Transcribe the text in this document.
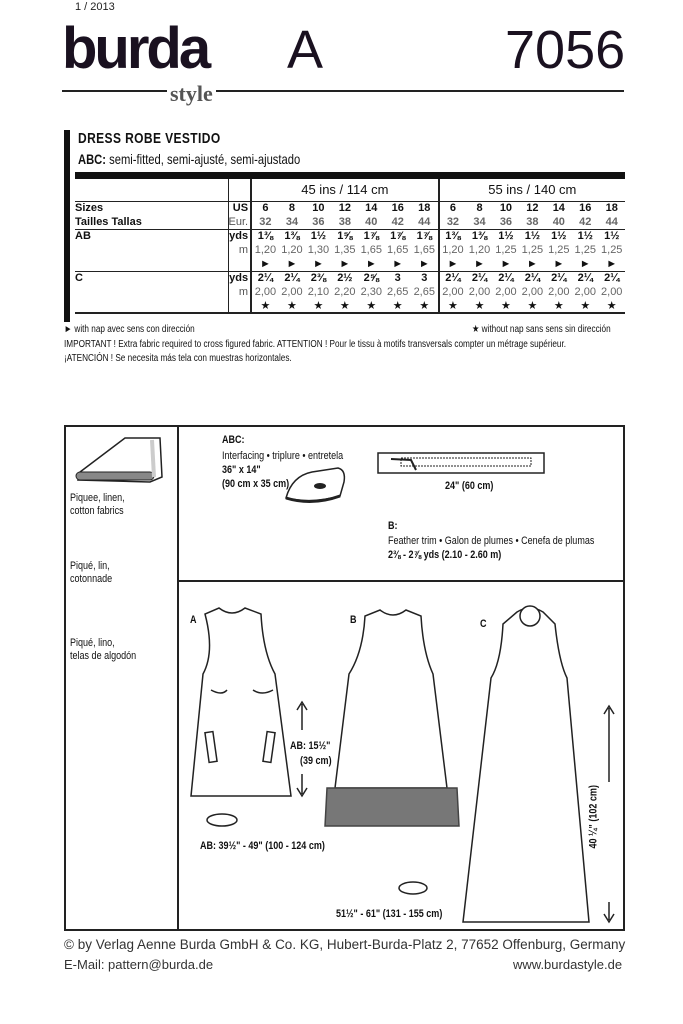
1 / 2013
burda
style
A	7056
DRESS ROBE VESTIDO
ABC: semi-fitted, semi-ajusté, semi-ajustado

		45 ins / 114 cm							55 ins / 140 cm						
Sizes	US	6	8	10	12	14	16	18	6	8	10	12	14	16	18
Tailles Tallas	Eur.	32	34	36	38	40	42	44	32	34	36	38	40	42	44
AB	yds	1⅜	1⅜	1½	1⅝	1⅞	1⅞	1⅞	1⅜	1⅜	1½	1½	1½	1½	1½
	m	1,20	1,20	1,30	1,35	1,65	1,65	1,65	1,20	1,20	1,25	1,25	1,25	1,25	1,25
		►	►	►	►	►	►	►	►	►	►	►	►	►	►
C	yds	2¼	2¼	2⅜	2½	2⅝	3	3	2¼	2¼	2¼	2¼	2¼	2¼	2¼
	m	2,00	2,00	2,10	2,20	2,30	2,65	2,65	2,00	2,00	2,00	2,00	2,00	2,00	2,00
		★	★	★	★	★	★	★	★	★	★	★	★	★	★

► with nap avec sens con dirección	★ without nap sans sens sin dirección
IMPORTANT ! Extra fabric required to cross figured fabric. ATTENTION ! Pour le tissu à motifs transversals compter un métrage supérieur.
¡ATENCIÓN ! Se necesita más tela con muestras horizontales.
Piquee, linen,
cotton fabrics
Piqué, lin,
cotonnade
Piqué, lino,
telas de algodón
ABC:
Interfacing • triplure • entretela
36" x 14"
(90 cm x 35 cm)	24" (60 cm)
B:
Feather trim • Galon de plumes • Cenefa de plumas
2⅜ - 2⅞ yds (2.10 - 2.60 m)
A	B	C
AB: 15½"
(39 cm)
AB: 39½" - 49" (100 - 124 cm)
51½" - 61" (131 - 155 cm)
40 ¼" (102 cm)
© by Verlag Aenne Burda GmbH & Co. KG, Hubert-Burda-Platz 2, 77652 Offenburg, Germany
E-Mail: pattern@burda.de	www.burdastyle.de
